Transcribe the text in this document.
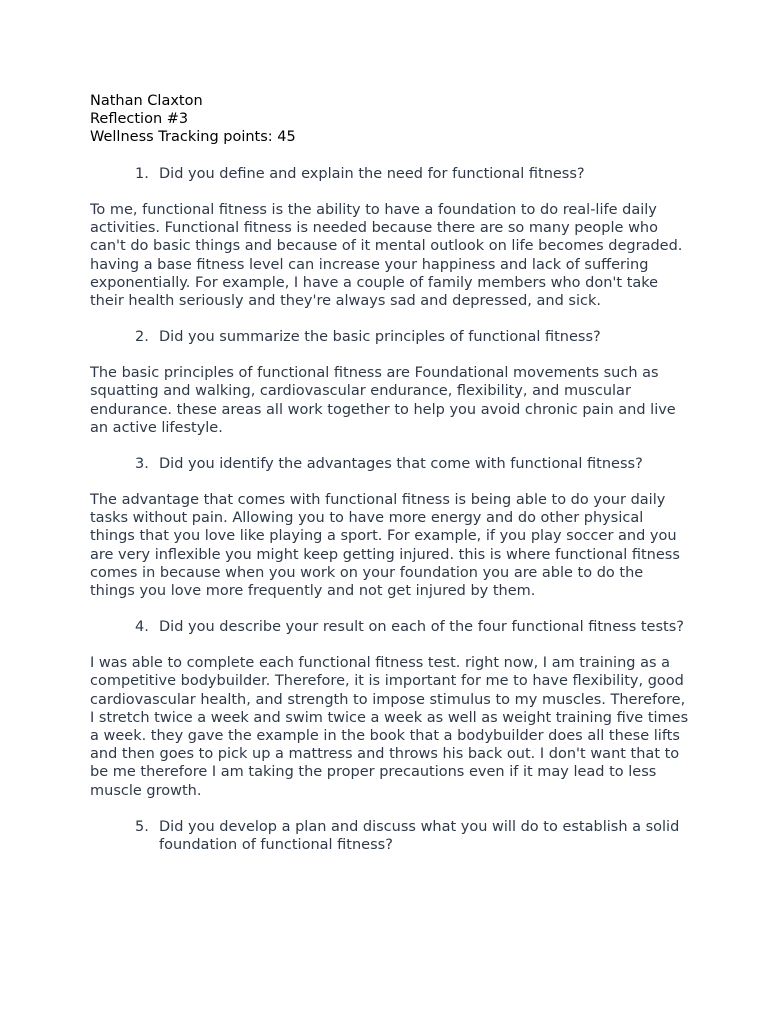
Nathan Claxton

Reflection #3

Wellness Tracking points: 45

1. Did you define and explain the need for functional fitness?

To me, functional fitness is the ability to have a foundation to do real-life daily activities. Functional fitness is needed because there are so many people who can't do basic things and because of it mental outlook on life becomes degraded. having a base fitness level can increase your happiness and lack of suffering exponentially. For example, I have a couple of family members who don't take their health seriously and they're always sad and depressed, and sick.

2. Did you summarize the basic principles of functional fitness?

The basic principles of functional fitness are Foundational movements such as squatting and walking, cardiovascular endurance, flexibility, and muscular endurance. these areas all work together to help you avoid chronic pain and live an active lifestyle.

3. Did you identify the advantages that come with functional fitness?

The advantage that comes with functional fitness is being able to do your daily tasks without pain. Allowing you to have more energy and do other physical things that you love like playing a sport. For example, if you play soccer and you are very inflexible you might keep getting injured. this is where functional fitness comes in because when you work on your foundation you are able to do the things you love more frequently and not get injured by them.

4. Did you describe your result on each of the four functional fitness tests?

I was able to complete each functional fitness test. right now, I am training as a competitive bodybuilder. Therefore, it is important for me to have flexibility, good cardiovascular health, and strength to impose stimulus to my muscles. Therefore, I stretch twice a week and swim twice a week as well as weight training five times a week. they gave the example in the book that a bodybuilder does all these lifts and then goes to pick up a mattress and throws his back out. I don't want that to be me therefore I am taking the proper precautions even if it may lead to less muscle growth.

5. Did you develop a plan and discuss what you will do to establish a solid foundation of functional fitness?
